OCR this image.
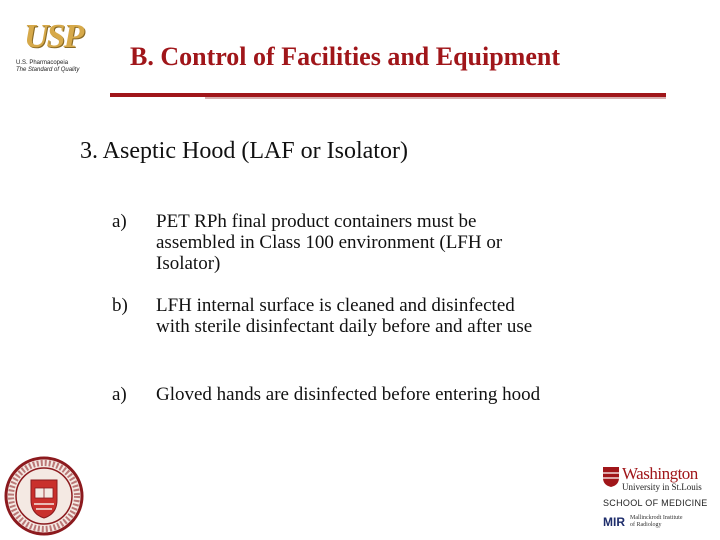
USP
U.S. Pharmacopeia
The Standard of Quality B. Control of Facilities and Equipment
3. Aseptic Hood (LAF or Isolator)
a) PET RPh final product containers must be
assembled in Class 100 environment (LFH or
Isolator)
b) LFH internal surface is cleaned and disinfected
with sterile disinfectant daily before and after use
a) Gloved hands are disinfected before entering hood
Washington
University in St.Louis
SCHOOL OF MEDICINE
MIR Mallinckrodt Institute
of Radiology
